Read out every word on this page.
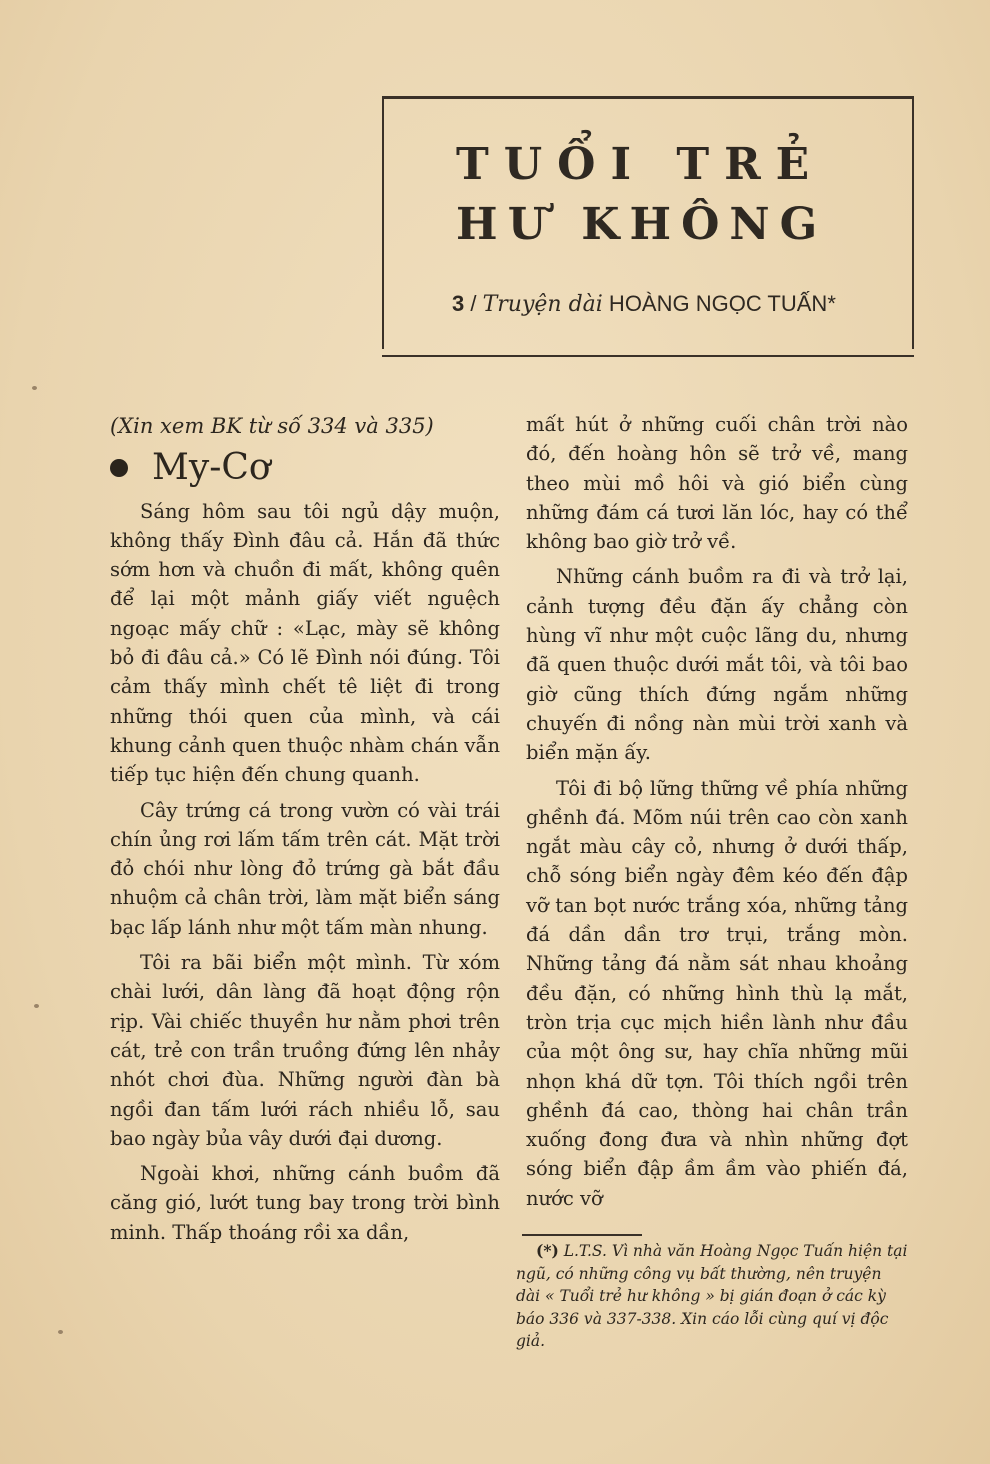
TUỔI TRẺ
HƯ KHÔNG
3 / Truyện dài HOÀNG NGỌC TUẤN*
(Xin xem BK từ số 334 và 335)
My-Cơ

Sáng hôm sau tôi ngủ dậy muộn, không thấy Đình đâu cả. Hắn đã thức sớm hơn và chuồn đi mất, không quên để lại một mảnh giấy viết nguệch ngoạc mấy chữ : «Lạc, mày sẽ không bỏ đi đâu cả.» Có lẽ Đình nói đúng. Tôi cảm thấy mình chết tê liệt đi trong những thói quen của mình, và cái khung cảnh quen thuộc nhàm chán vẫn tiếp tục hiện đến chung quanh.

Cây trứng cá trong vườn có vài trái chín ủng rơi lấm tấm trên cát. Mặt trời đỏ chói như lòng đỏ trứng gà bắt đầu nhuộm cả chân trời, làm mặt biển sáng bạc lấp lánh như một tấm màn nhung.

Tôi ra bãi biển một mình. Từ xóm chài lưới, dân làng đã hoạt động rộn rịp. Vài chiếc thuyền hư nằm phơi trên cát, trẻ con trần truồng đứng lên nhảy nhót chơi đùa. Những người đàn bà ngồi đan tấm lưới rách nhiều lỗ, sau bao ngày bủa vây dưới đại dương.

Ngoài khơi, những cánh buồm đã căng gió, lướt tung bay trong trời bình minh. Thấp thoáng rồi xa dần,

mất hút ở những cuối chân trời nào đó, đến hoàng hôn sẽ trở về, mang theo mùi mồ hôi và gió biển cùng những đám cá tươi lăn lóc, hay có thể không bao giờ trở về.

Những cánh buồm ra đi và trở lại, cảnh tượng đều đặn ấy chẳng còn hùng vĩ như một cuộc lãng du, nhưng đã quen thuộc dưới mắt tôi, và tôi bao giờ cũng thích đứng ngắm những chuyến đi nồng nàn mùi trời xanh và biển mặn ấy.

Tôi đi bộ lững thững về phía những ghềnh đá. Mõm núi trên cao còn xanh ngắt màu cây cỏ, nhưng ở dưới thấp, chỗ sóng biển ngày đêm kéo đến đập vỡ tan bọt nước trắng xóa, những tảng đá dần dần trơ trụi, trắng mòn. Những tảng đá nằm sát nhau khoảng đều đặn, có những hình thù lạ mắt, tròn trịa cục mịch hiền lành như đầu của một ông sư, hay chĩa những mũi nhọn khá dữ tợn. Tôi thích ngồi trên ghềnh đá cao, thòng hai chân trần xuống đong đưa và nhìn những đợt sóng biển đập ầm ầm vào phiến đá, nước vỡ

(*) L.T.S. Vì nhà văn Hoàng Ngọc Tuấn hiện tại ngũ, có những công vụ bất thường, nên truyện dài « Tuổi trẻ hư không » bị gián đoạn ở các kỳ báo 336 và 337-338. Xin cáo lỗi cùng quí vị độc giả.
